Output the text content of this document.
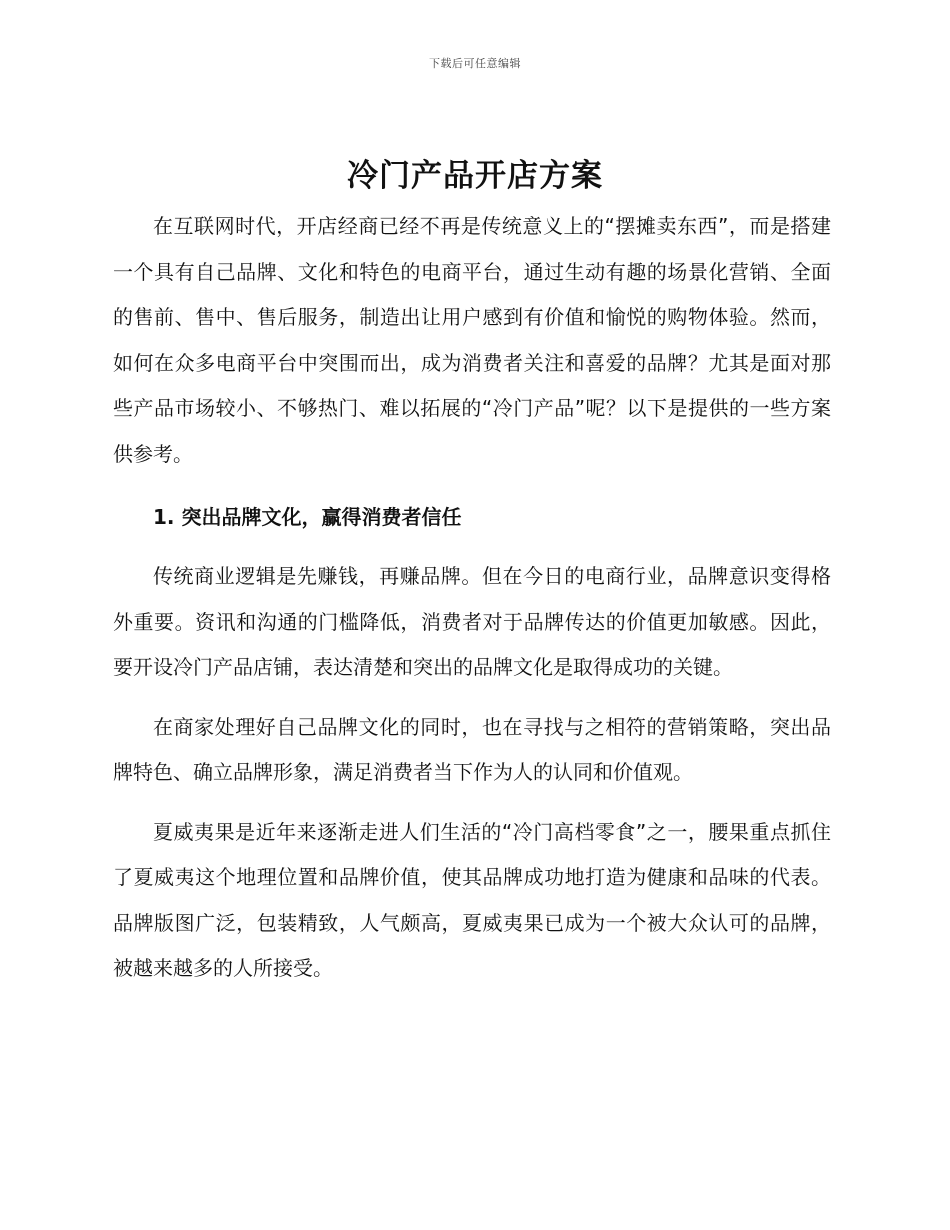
下载后可任意编辑
冷门产品开店方案

在互联网时代，开店经商已经不再是传统意义上的“摆摊卖东西”，而是搭建一个具有自己品牌、文化和特色的电商平台，通过生动有趣的场景化营销、全面的售前、售中、售后服务，制造出让用户感到有价值和愉悦的购物体验。然而，如何在众多电商平台中突围而出，成为消费者关注和喜爱的品牌？尤其是面对那些产品市场较小、不够热门、难以拓展的“冷门产品”呢？以下是提供的一些方案供参考。

1. 突出品牌文化，赢得消费者信任

传统商业逻辑是先赚钱，再赚品牌。但在今日的电商行业，品牌意识变得格外重要。资讯和沟通的门槛降低，消费者对于品牌传达的价值更加敏感。因此，要开设冷门产品店铺，表达清楚和突出的品牌文化是取得成功的关键。

在商家处理好自己品牌文化的同时，也在寻找与之相符的营销策略，突出品牌特色、确立品牌形象，满足消费者当下作为人的认同和价值观。

夏威夷果是近年来逐渐走进人们生活的“冷门高档零食”之一，腰果重点抓住了夏威夷这个地理位置和品牌价值，使其品牌成功地打造为健康和品味的代表。品牌版图广泛，包装精致，人气颇高，夏威夷果已成为一个被大众认可的品牌，被越来越多的人所接受。
